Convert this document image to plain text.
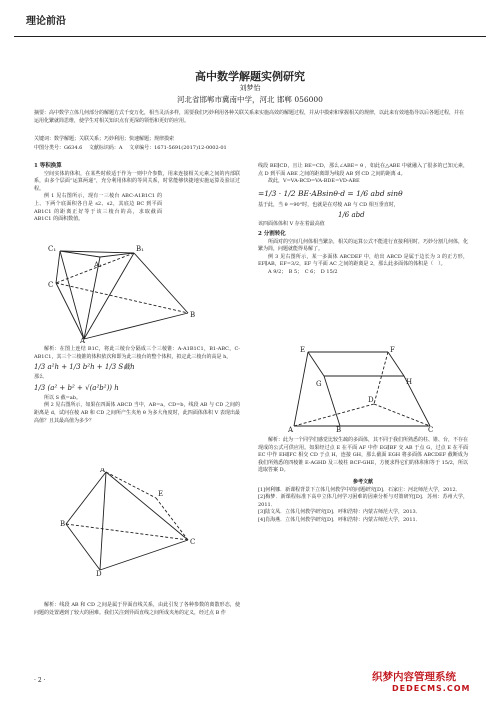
理论前沿
高中数学解题实例研究
刘梦怡
河北省邯郸市冀南中学，河北 邯郸 056000
摘要：高中数学立体几何部分的解题方式千变万化，相当灵活多样，需要我们巧妙利用各种关联关系来实施高效的解题过程，并从中摸索和掌握相关的规律，以此来有效地指导以后各题过程，并在运用化繁就简思维，使学生对相关知识点有更深的领悟和更好的应用。
关键词：数学解题；关联关系；巧妙利用；快速解题；规律摸索
中图分类号：G634.6　 文献标识码：A　 文章编号：1671-5691(2017)12-0002-01

1 等积换算

空间实体的体积，在某些时候适于作为一则中介参数，用来连接相关元素之间的内部联系，由多个层面“运算两递”，充分利用体积的等同关系，时常能够快捷地实施运算及验证过程。

例 1 见右图所示，现有一三棱台 ABC-A1B1C1 的上、下两个底面积各自是 s2、s2，其底边 BC 到平面 AB1C1 的距离正好等于该三棱台的高，求取截面 AB1C1 的面积数值。

C₁
A₁
B₁
C
B
A

解析：在图上连结 B1C，将此三棱台分隔成三个三棱锥：A-A1B1C1，B1-ABC，C-AB1C1，其三个三棱锥的体积依次和即为此三棱台的整个体积，拟定此三棱台的高是 h，

1/3 a²h + 1/3 b²h + 1/3 S截h

那么

1/3 (a² + b² + √(a²b²)) h

所以 S 截=ab。

例 2 见右图所示，如果在四面体 ABCD 当中，AB=a，CD=b，线段 AB 与 CD 之间的距离是 d，试问在棱 AB 和 CD 之间所产生夹角 θ 为多大角度时，此四面体体积 V 表现出最高值？且其最高值为多少？

A
B
C
D
E

解析：线段 AB 和 CD 之间是属于异面直线关系，由此引发了各种参数的离散形态，使问题的处置遇到了较大的困难。我们关注到异面直线之间所成夹角的定义，经过点 B 作

线段 BE∥CD，且让 BE=CD，那么∠ABE= θ ，如此在△ABE 中就融入了很多的已知元素，点 D 到平面 ABE 之间的距离即为线段 AB 到 CD 之间的距离 d。

故此，V=VA-BCD=VA-BDE=VD-ABE

=1/3 · 1/2 BE·ABsinθ·d = 1/6 abd sinθ

基于此，当 θ =90°时，也就是在对棱 AB 与 CD 相互垂直时，

1/6 abd

该四面体体积 V 存在着最高值

2 分割转化

所面对的空间几何体相当繁杂，相关的运算公式不能进行直接利用时，巧妙分割几何体，化繁为简，问题就能得易解了。

例 3 见右图所示，某一多面体 ABCDEF 中，给出 ABCD 是属于边长为 3 的正方形，EF∥AB，EF=3/2，EF 与平面 AC 之间的距离是 2，那么此多面体的体积是（　）。

A 9/2；　B 5；　C 6；　D 15/2

E	F
G	H
A	B	C
D

解析：此为一个同学们感觉比较生疏的多面体，其不同于我们所熟悉的柱、锥、台，不存在现成的公式可供应用。如果经过点 E 在平面 AF 中作 EG∥BF 交 AB 于点 G，过点 E 在平面 EC 中作 EH∥FC 相交 CD 于点 H，连接 GH，那么截面 EGH 将多面体 ABCDEF 截断成为我们所熟悉的四棱锥 E-AGHD 及三棱柱 BCF-GHE，方便求得它们的体积和等于 15/2，所以选取答案 D。

参考文献

[1]何利娜．新课程背景下立体几何教学中的问题研究[D]．石家庄：河北师范大学，2012．

[2]梅梦．新课程标准下高中立体几何学习困难的因素分析与对策研究[D]．苏州：苏州大学，2011．

[3]陆文凤．立体几何教学研究[D]．呼和浩特：内蒙古师范大学，2013．

[4]肖海燕．立体几何教学研究[D]．呼和浩特：内蒙古师范大学，2011．

· 2 ·	织梦内容管理系统
DEDECMS.COM
